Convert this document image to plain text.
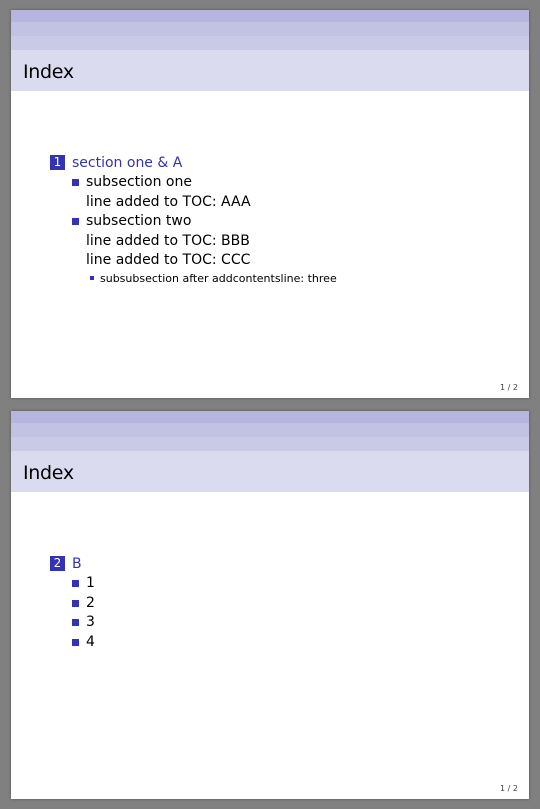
Index
1 section one & A
subsection one
line added to TOC: AAA
subsection two
line added to TOC: BBB
line added to TOC: CCC
subsubsection after addcontentsline: three
1 / 2
Index
2 B
1
2
3
4
1 / 2
